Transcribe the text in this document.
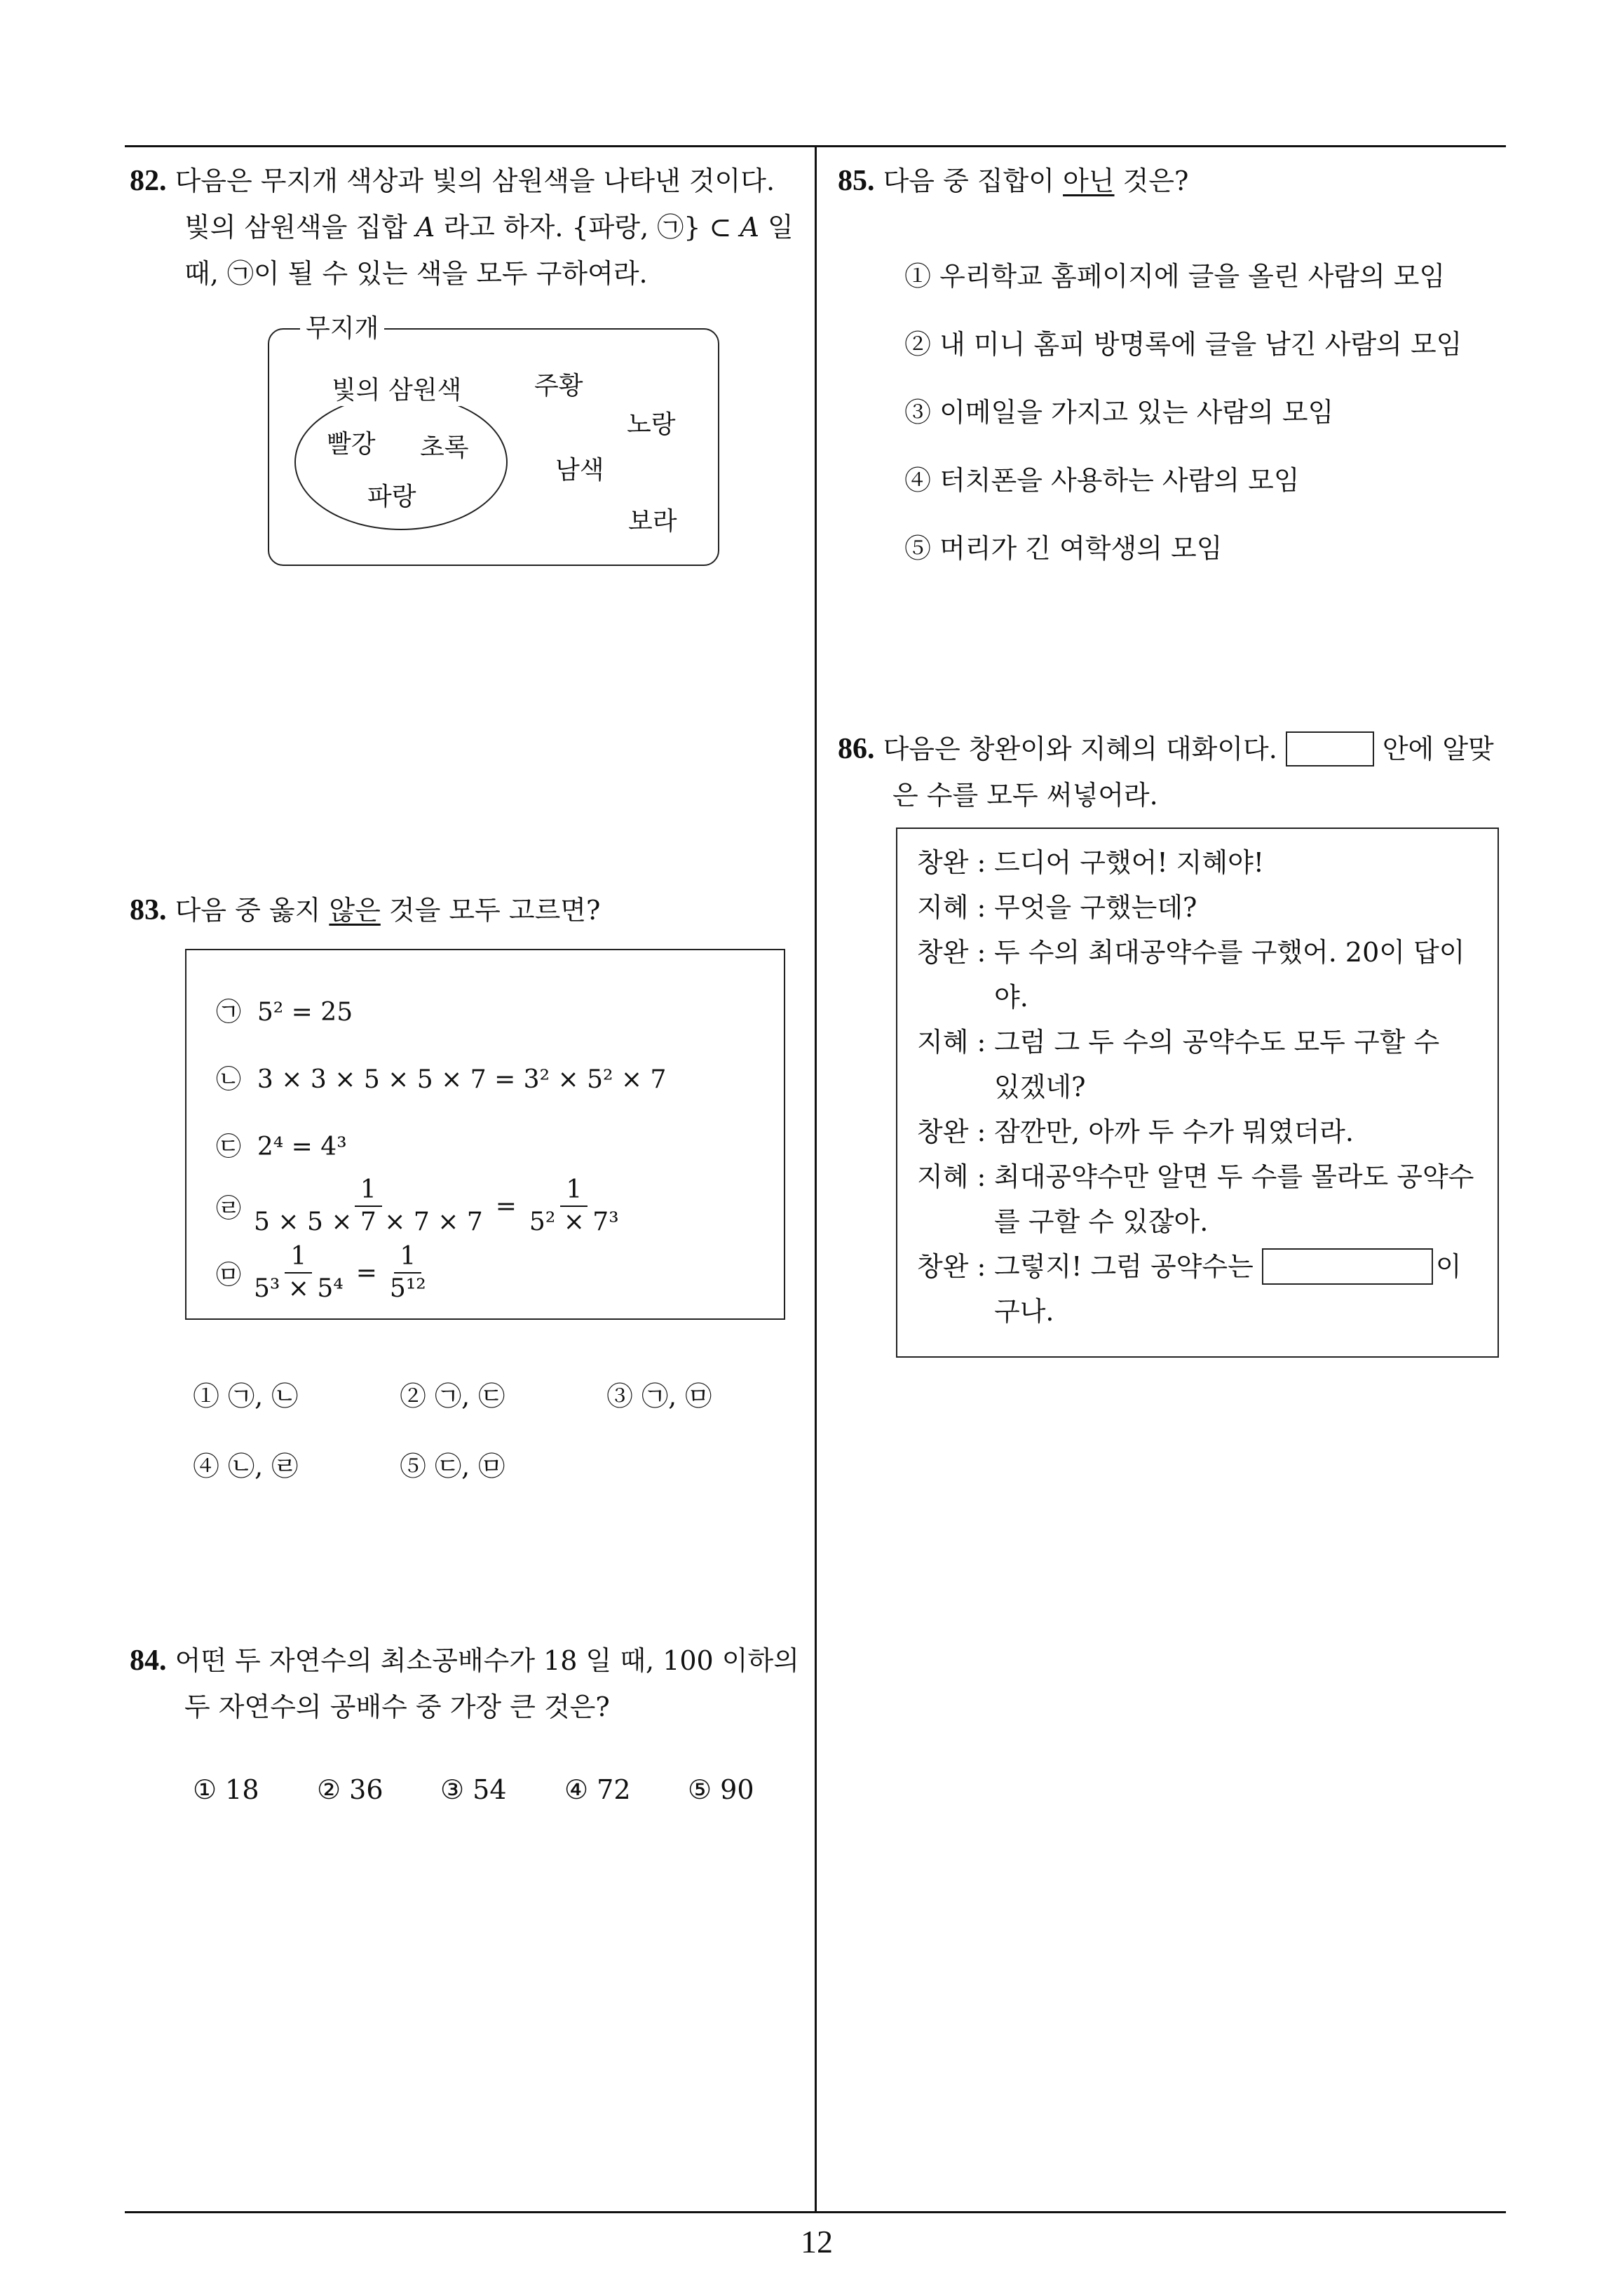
12
82. 다음은 무지개 색상과 빛의 삼원색을 나타낸 것이다.
빛의 삼원색을 집합 A 라고 하자. {파랑, ㉠} ⊂ A 일
때, ㉠이 될 수 있는 색을 모두 구하여라.
무지개
빛의 삼원색
빨강 초록
파랑
주황
노랑
남색
보라
83. 다음 중 옳지 않은 것을 모두 고르면?
㉠ 5² = 25
㉡ 3 × 3 × 5 × 5 × 7 = 3² × 5² × 7
㉢ 2⁴ = 4³
㉣ $\frac{1}{5 \times 5 \times 7 \times 7 \times 7} = \frac{1}{\text{5² × 7³}}$
㉤ $\frac{1}{\text{5³ × 5⁴}} = \frac{1}{\text{5¹²}}$
① ㉠, ㉡	② ㉠, ㉢	③ ㉠, ㉤
④ ㉡, ㉣	⑤ ㉢, ㉤
84. 어떤 두 자연수의 최소공배수가 18 일 때, 100 이하의
두 자연수의 공배수 중 가장 큰 것은?
① 18 ② 36 ③ 54 ④ 72 ⑤ 90
85. 다음 중 집합이 아닌 것은?
① 우리학교 홈페이지에 글을 올린 사람의 모임
② 내 미니 홈피 방명록에 글을 남긴 사람의 모임
③ 이메일을 가지고 있는 사람의 모임
④ 터치폰을 사용하는 사람의 모임
⑤ 머리가 긴 여학생의 모임
86.
다음은 창완이와 지혜의 대화이다.	안에 알맞
은 수를 모두 써넣어라.
창완 : 드디어 구했어! 지혜야!
지혜 : 무엇을 구했는데?
창완 : 두 수의 최대공약수를 구했어. 20이 답이
야.
지혜 : 그럼 그 두 수의 공약수도 모두 구할 수
있겠네?
창완 : 잠깐만, 아까 두 수가 뭐였더라.
지혜 : 최대공약수만 알면 두 수를 몰라도 공약수
를 구할 수 있잖아.
창완 : 그렇지! 그럼 공약수는	이
구나.
